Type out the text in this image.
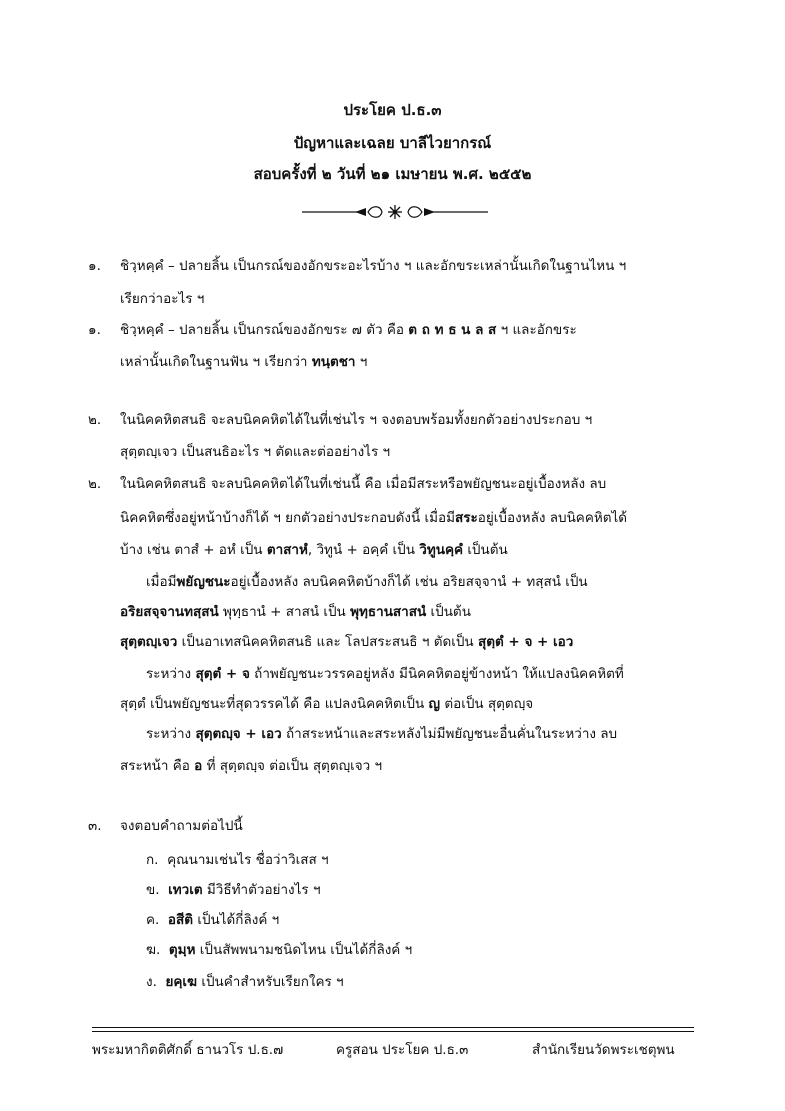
ประโยค ป.ธ.๓
ปัญหาและเฉลย บาลีไวยากรณ์
สอบครั้งที่ ๒ วันที่ ๒๑ เมษายน พ.ศ. ๒๕๕๒
๑. ชิวฺหคฺคํ – ปลายลิ้น เป็นกรณ์ของอักขระอะไรบ้าง ฯ และอักขระเหล่านั้นเกิดในฐานไหน ฯ
เรียกว่าอะไร ฯ
๑. ชิวฺหคฺคํ – ปลายลิ้น เป็นกรณ์ของอักขระ ๗ ตัว คือ ต ถ ท ธ น ล ส ฯ และอักขระ
เหล่านั้นเกิดในฐานฟัน ฯ เรียกว่า ทนฺตชา ฯ
๒. ในนิคคหิตสนธิ จะลบนิคคหิตได้ในที่เช่นไร ฯ จงตอบพร้อมทั้งยกตัวอย่างประกอบ ฯ
สุตฺตญฺเจว เป็นสนธิอะไร ฯ ตัดและต่ออย่างไร ฯ
๒. ในนิคคหิตสนธิ จะลบนิคคหิตได้ในที่เช่นนี้ คือ เมื่อมีสระหรือพยัญชนะอยู่เบื้องหลัง ลบ
นิคคหิตซึ่งอยู่หน้าบ้างก็ได้ ฯ ยกตัวอย่างประกอบดังนี้ เมื่อมีสระอยู่เบื้องหลัง ลบนิคคหิตได้
บ้าง เช่น ตาสํ + อหํ เป็น ตาสาหํ, วิทูนํ + อคฺคํ เป็น วิทูนคฺคํ เป็นต้น
เมื่อมีพยัญชนะอยู่เบื้องหลัง ลบนิคคหิตบ้างก็ได้ เช่น อริยสจฺจานํ + ทสฺสนํ เป็น
อริยสจฺจานทสฺสนํ พุทฺธานํ + สาสนํ เป็น พุทฺธานสาสนํ เป็นต้น
สุตฺตญฺเจว เป็นอาเทสนิคคหิตสนธิ และ โลปสระสนธิ ฯ ตัดเป็น สุตฺตํ + จ + เอว
ระหว่าง สุตฺตํ + จ ถ้าพยัญชนะวรรคอยู่หลัง มีนิคคหิตอยู่ข้างหน้า ให้แปลงนิคคหิตที่
สุตฺตํ เป็นพยัญชนะที่สุดวรรคได้ คือ แปลงนิคคหิตเป็น ญ ต่อเป็น สุตฺตญฺจ
ระหว่าง สุตฺตญฺจ + เอว ถ้าสระหน้าและสระหลังไม่มีพยัญชนะอื่นคั่นในระหว่าง ลบ
สระหน้า คือ อ ที่ สุตฺตญฺจ ต่อเป็น สุตฺตญฺเจว ฯ
๓. จงตอบคำถามต่อไปนี้
ก. คุณนามเช่นไร ชื่อว่าวิเสส ฯ
ข. เทวเต มีวิธีทำตัวอย่างไร ฯ
ค. อสีติ เป็นได้กี่ลิงค์ ฯ
ฆ. ตุมฺห เป็นสัพพนามชนิดไหน เป็นได้กี่ลิงค์ ฯ
ง. ยคฺเฆ เป็นคำสำหรับเรียกใคร ฯ
พระมหากิตติศักดิ์ ธานวโร ป.ธ.๗	ครูสอน ประโยค ป.ธ.๓	สำนักเรียนวัดพระเชตุพน
